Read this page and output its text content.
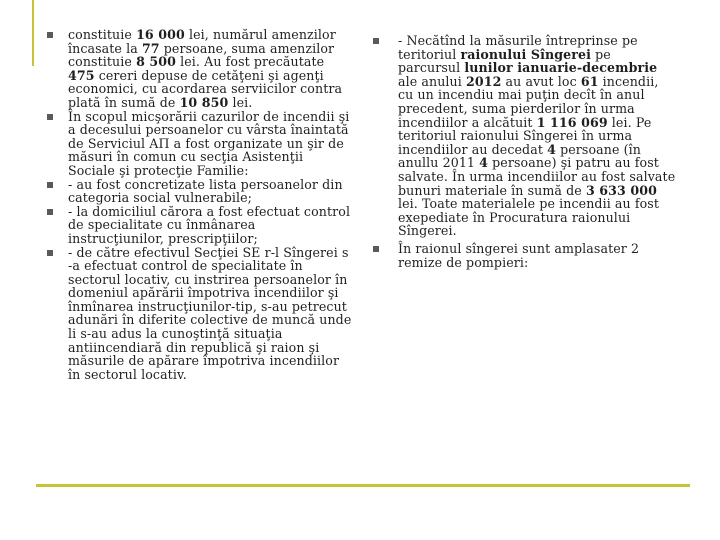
constituie 16 000 lei, numărul amenzilor încasate la 77 persoane, suma amenzilor constituie 8 500 lei. Au fost precăutate 475 cereri depuse de cetăţeni şi agenţi economici, cu acordarea serviicilor contra plată în sumă de 10 850 lei.
În scopul micşorării cazurilor de incendii şi a decesului persoanelor cu vârsta înaintată de Serviciul AΠ a fost organizate un şir de măsuri în comun cu secţia Asistenţii Sociale şi protecţie Familie:
- au fost concretizate lista persoanelor din categoria social vulnerabile;
- la domiciliul cărora a fost efectuat control de specialitate cu înmânarea instrucţiunilor, prescripţiilor;
- de către efectivul Secţiei SE r-l Sîngerei s -a efectuat control de specialitate în sectorul locativ, cu instrirea persoanelor în domeniul apărării împotriva incendiilor şi înmînarea instrucţiunilor-tip, s-au petrecut adunări în diferite colective de muncă unde li s-au adus la cunoştinţă situaţia antiincendiară din republică şi raion şi măsurile de apărare împotriva incendiilor în sectorul locativ.
- Necătînd la măsurile întreprinse pe teritoriul raionului Sîngerei pe parcursul lunilor ianuarie-decembrie ale anului 2012 au avut loc 61 incendii, cu un incendiu mai puţin decît în anul precedent, suma pierderilor în urma incendiilor a alcătuit 1 116 069 lei. Pe teritoriul raionului Sîngerei în urma incendiilor au decedat 4 persoane (în anullu 2011 4 persoane) şi patru au fost salvate. În urma incendiilor au fost salvate bunuri materiale în sumă de 3 633 000 lei. Toate materialele pe incendii au fost exepediate în Procuratura raionului Sîngerei.
În raionul sîngerei sunt amplasater 2 remize de pompieri:
